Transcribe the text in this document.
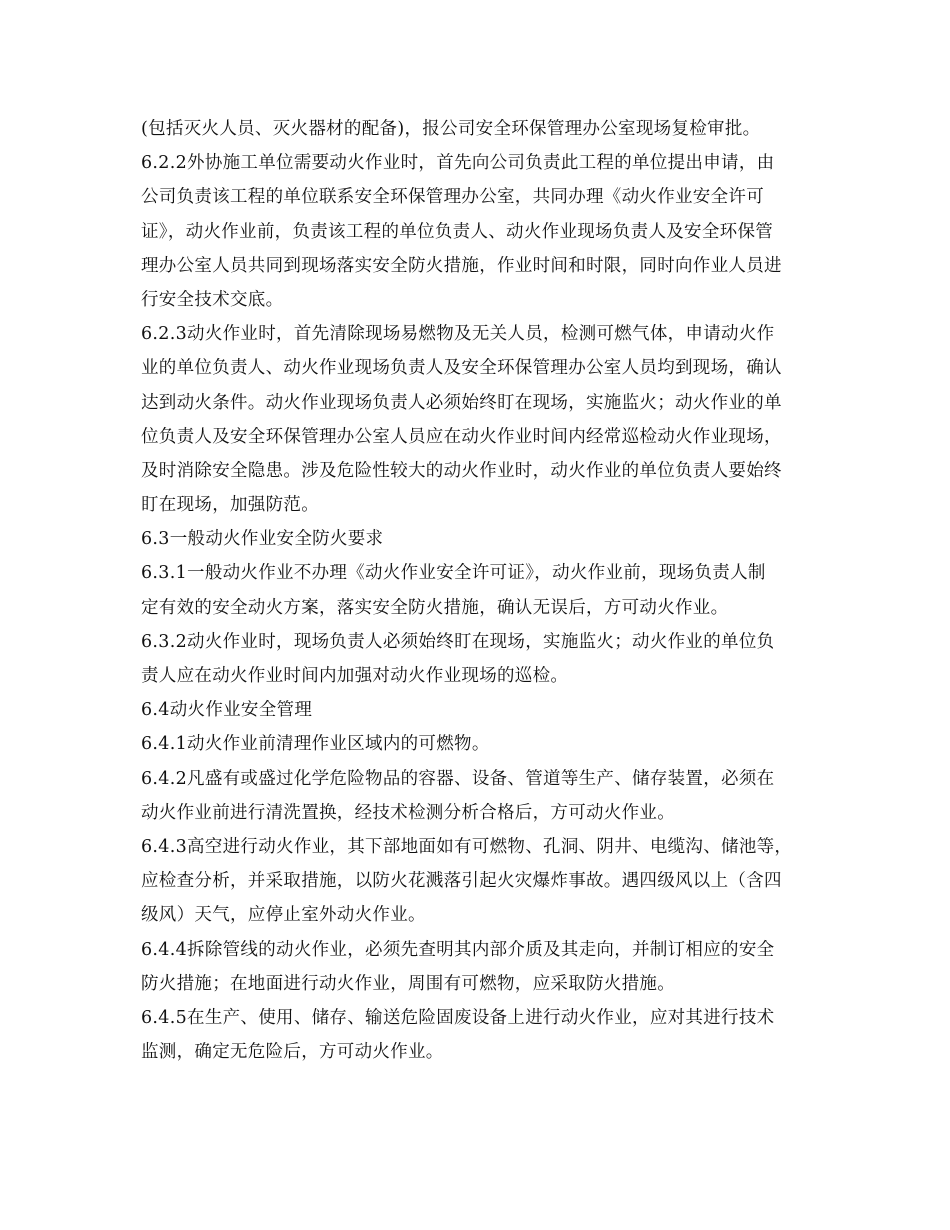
(包括灭火人员、灭火器材的配备)，报公司安全环保管理办公室现场复检审批。
6.2.2外协施工单位需要动火作业时，首先向公司负责此工程的单位提出申请，由
公司负责该工程的单位联系安全环保管理办公室，共同办理《动火作业安全许可
证》，动火作业前，负责该工程的单位负责人、动火作业现场负责人及安全环保管
理办公室人员共同到现场落实安全防火措施，作业时间和时限，同时向作业人员进
行安全技术交底。
6.2.3动火作业时，首先清除现场易燃物及无关人员，检测可燃气体，申请动火作
业的单位负责人、动火作业现场负责人及安全环保管理办公室人员均到现场，确认
达到动火条件。动火作业现场负责人必须始终盯在现场，实施监火；动火作业的单
位负责人及安全环保管理办公室人员应在动火作业时间内经常巡检动火作业现场，
及时消除安全隐患。涉及危险性较大的动火作业时，动火作业的单位负责人要始终
盯在现场，加强防范。
6.3一般动火作业安全防火要求
6.3.1一般动火作业不办理《动火作业安全许可证》，动火作业前，现场负责人制
定有效的安全动火方案，落实安全防火措施，确认无误后，方可动火作业。
6.3.2动火作业时，现场负责人必须始终盯在现场，实施监火；动火作业的单位负
责人应在动火作业时间内加强对动火作业现场的巡检。
6.4动火作业安全管理
6.4.1动火作业前清理作业区域内的可燃物。
6.4.2凡盛有或盛过化学危险物品的容器、设备、管道等生产、储存装置，必须在
动火作业前进行清洗置换，经技术检测分析合格后，方可动火作业。
6.4.3高空进行动火作业，其下部地面如有可燃物、孔洞、阴井、电缆沟、储池等，
应检查分析，并采取措施，以防火花溅落引起火灾爆炸事故。遇四级风以上（含四
级风）天气，应停止室外动火作业。
6.4.4拆除管线的动火作业，必须先查明其内部介质及其走向，并制订相应的安全
防火措施；在地面进行动火作业，周围有可燃物，应采取防火措施。
6.4.5在生产、使用、储存、输送危险固废设备上进行动火作业，应对其进行技术
监测，确定无危险后，方可动火作业。
